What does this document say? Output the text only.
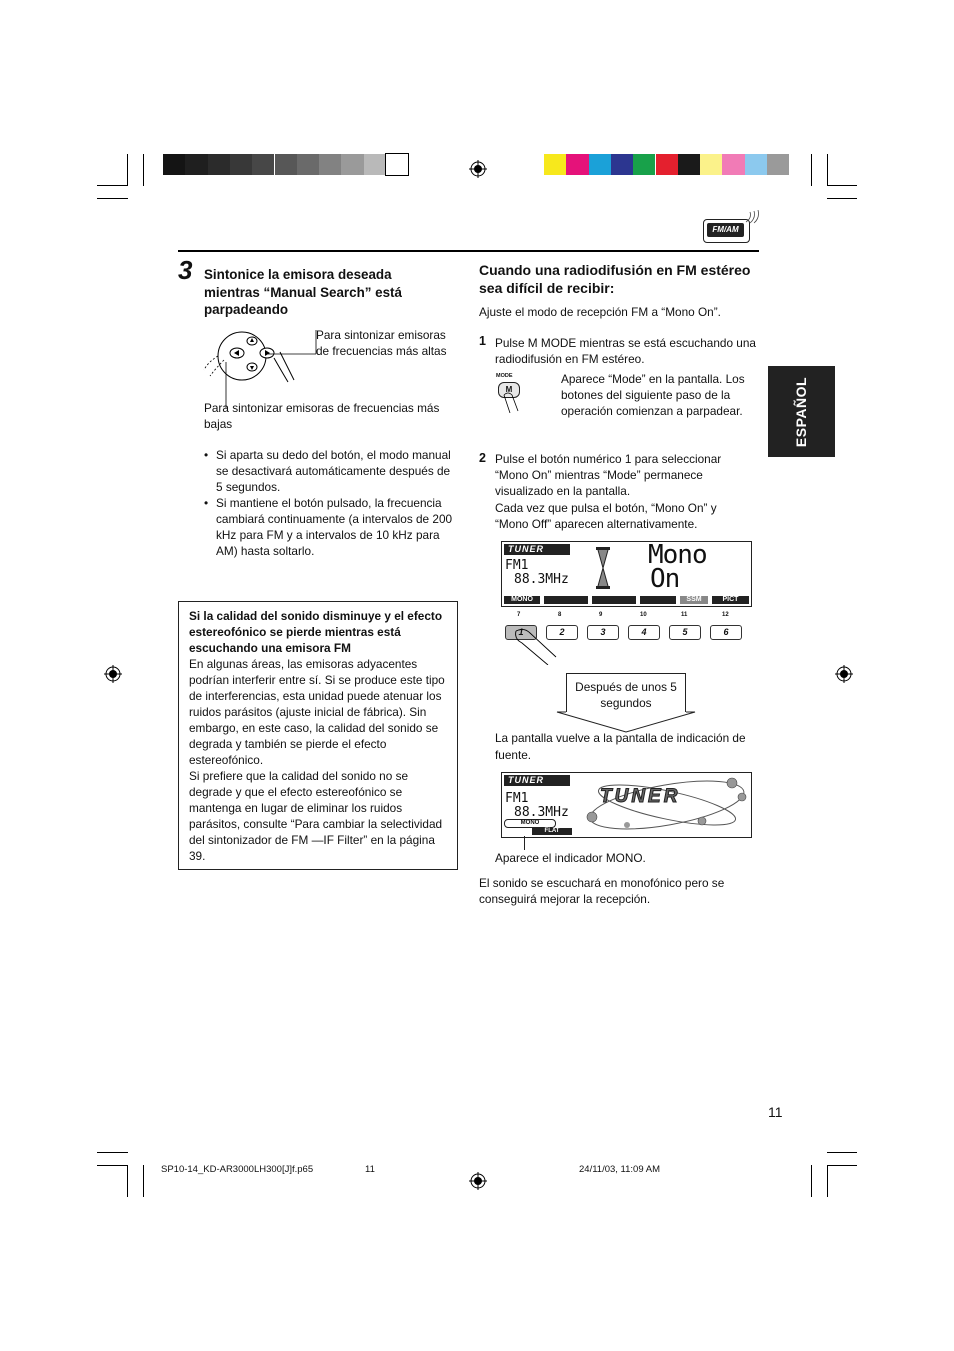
FM/AM
3 Sintonice la emisora deseada mientras “Manual Search” está parpadeando
Para sintonizar emisoras de frecuencias más altas
Para sintonizar emisoras de frecuencias más bajas
• Si aparta su dedo del botón, el modo manual se desactivará automáticamente después de 5 segundos.
• Si mantiene el botón pulsado, la frecuencia cambiará continuamente (a intervalos de 200 kHz para FM y a intervalos de 10 kHz para AM) hasta soltarlo.
Si la calidad del sonido disminuye y el efecto estereofónico se pierde mientras está escuchando una emisora FM
En algunas áreas, las emisoras adyacentes podrían interferir entre sí. Si se produce este tipo de interferencias, esta unidad puede atenuar los ruidos parásitos (ajuste inicial de fábrica). Sin embargo, en este caso, la calidad del sonido se degrada y también se pierde el efecto estereofónico.
Si prefiere que la calidad del sonido no se degrade y que el efecto estereofónico se mantenga en lugar de eliminar los ruidos parásitos, consulte “Para cambiar la selectividad del sintonizador de FM —IF Filter” en la página 39.
Cuando una radiodifusión en FM estéreo sea difícil de recibir:
Ajuste el modo de recepción FM a “Mono On”.
1 Pulse M MODE mientras se está escuchando una radiodifusión en FM estéreo.
MODE
M
Aparece “Mode” en la pantalla. Los botones del siguiente paso de la operación comienzan a parpadear.
2 Pulse el botón numérico 1 para seleccionar “Mono On” mientras “Mode” permanece visualizado en la pantalla.
Cada vez que pulsa el botón, “Mono On” y “Mono Off” aparecen alternativamente.
TUNER
FM1
88.3MHz
Mono
On
MONO	SSM	PICT
7
1
8
2
9
3
10
4
11
5
12
6
Después de unos 5 segundos
La pantalla vuelve a la pantalla de indicación de fuente.
TUNER
FM1
88.3MHz
MONO
FLAT
TUNER
Aparece el indicador MONO.
El sonido se escuchará en monofónico pero se conseguirá mejorar la recepción.
ESPAÑOL
11
SP10-14_KD-AR3000LH300[J]f.p65	11	24/11/03, 11:09 AM
